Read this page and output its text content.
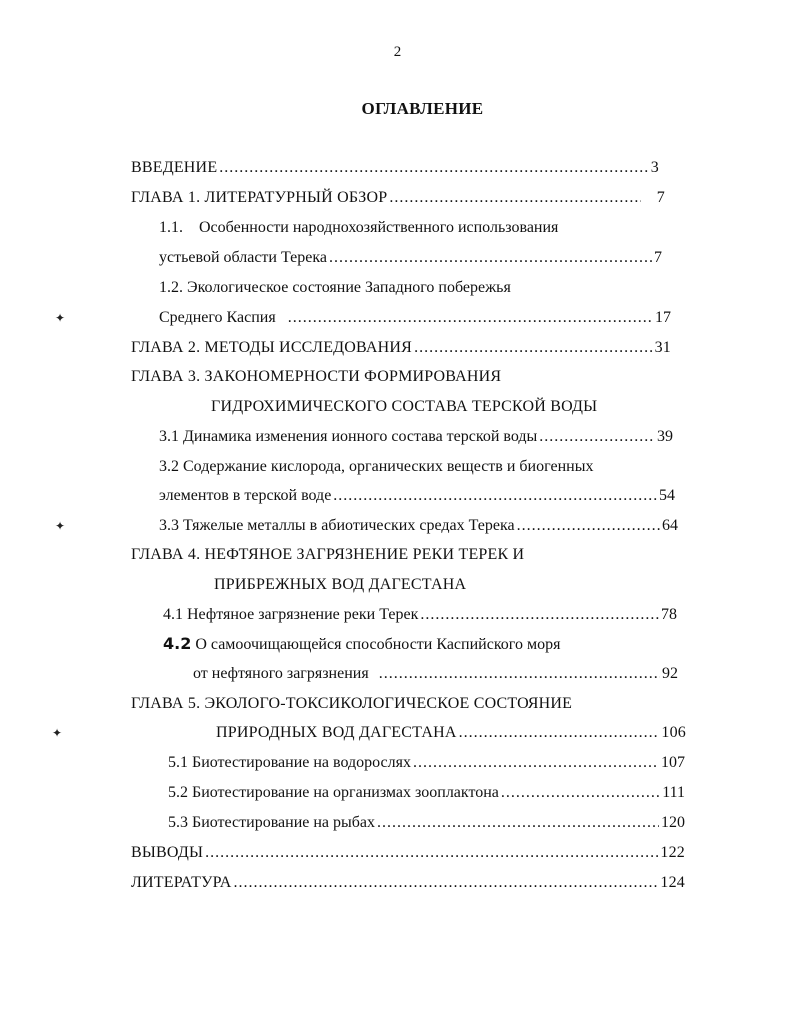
2
ОГЛАВЛЕНИЕ
ВВЕДЕНИЕ .....	3
ГЛАВА 1. ЛИТЕРАТУРНЫЙ ОБЗОР .....	7
1.1. Особенности народнохозяйственного использования
устьевой области Терека .....	7
1.2. Экологическое состояние Западного побережья
✦	Среднего Каспия .....	17
ГЛАВА 2. МЕТОДЫ ИССЛЕДОВАНИЯ .....	31
ГЛАВА 3. ЗАКОНОМЕРНОСТИ ФОРМИРОВАНИЯ
ГИДРОХИМИЧЕСКОГО СОСТАВА ТЕРСКОЙ ВОДЫ
3.1 Динамика изменения ионного состава терской воды .....	39
3.2 Содержание кислорода, органических веществ и биогенных
элементов в терской воде .....	54
✦	3.3 Тяжелые металлы в абиотических средах Терека .....	64
ГЛАВА 4. НЕФТЯНОЕ ЗАГРЯЗНЕНИЕ РЕКИ ТЕРЕК И
ПРИБРЕЖНЫХ ВОД ДАГЕСТАНА
4.1 Нефтяное загрязнение реки Терек .....	78
4.2 О самоочищающейся способности Каспийского моря
от нефтяного загрязнения .....	92
ГЛАВА 5. ЭКОЛОГО-ТОКСИКОЛОГИЧЕСКОЕ СОСТОЯНИЕ
✦	ПРИРОДНЫХ ВОД ДАГЕСТАНА .....	106
5.1 Биотестирование на водорослях .....	107
5.2 Биотестирование на организмах зооплактона .....	111
5.3 Биотестирование на рыбах .....	120
ВЫВОДЫ .....	122
ЛИТЕРАТУРА .....	124
